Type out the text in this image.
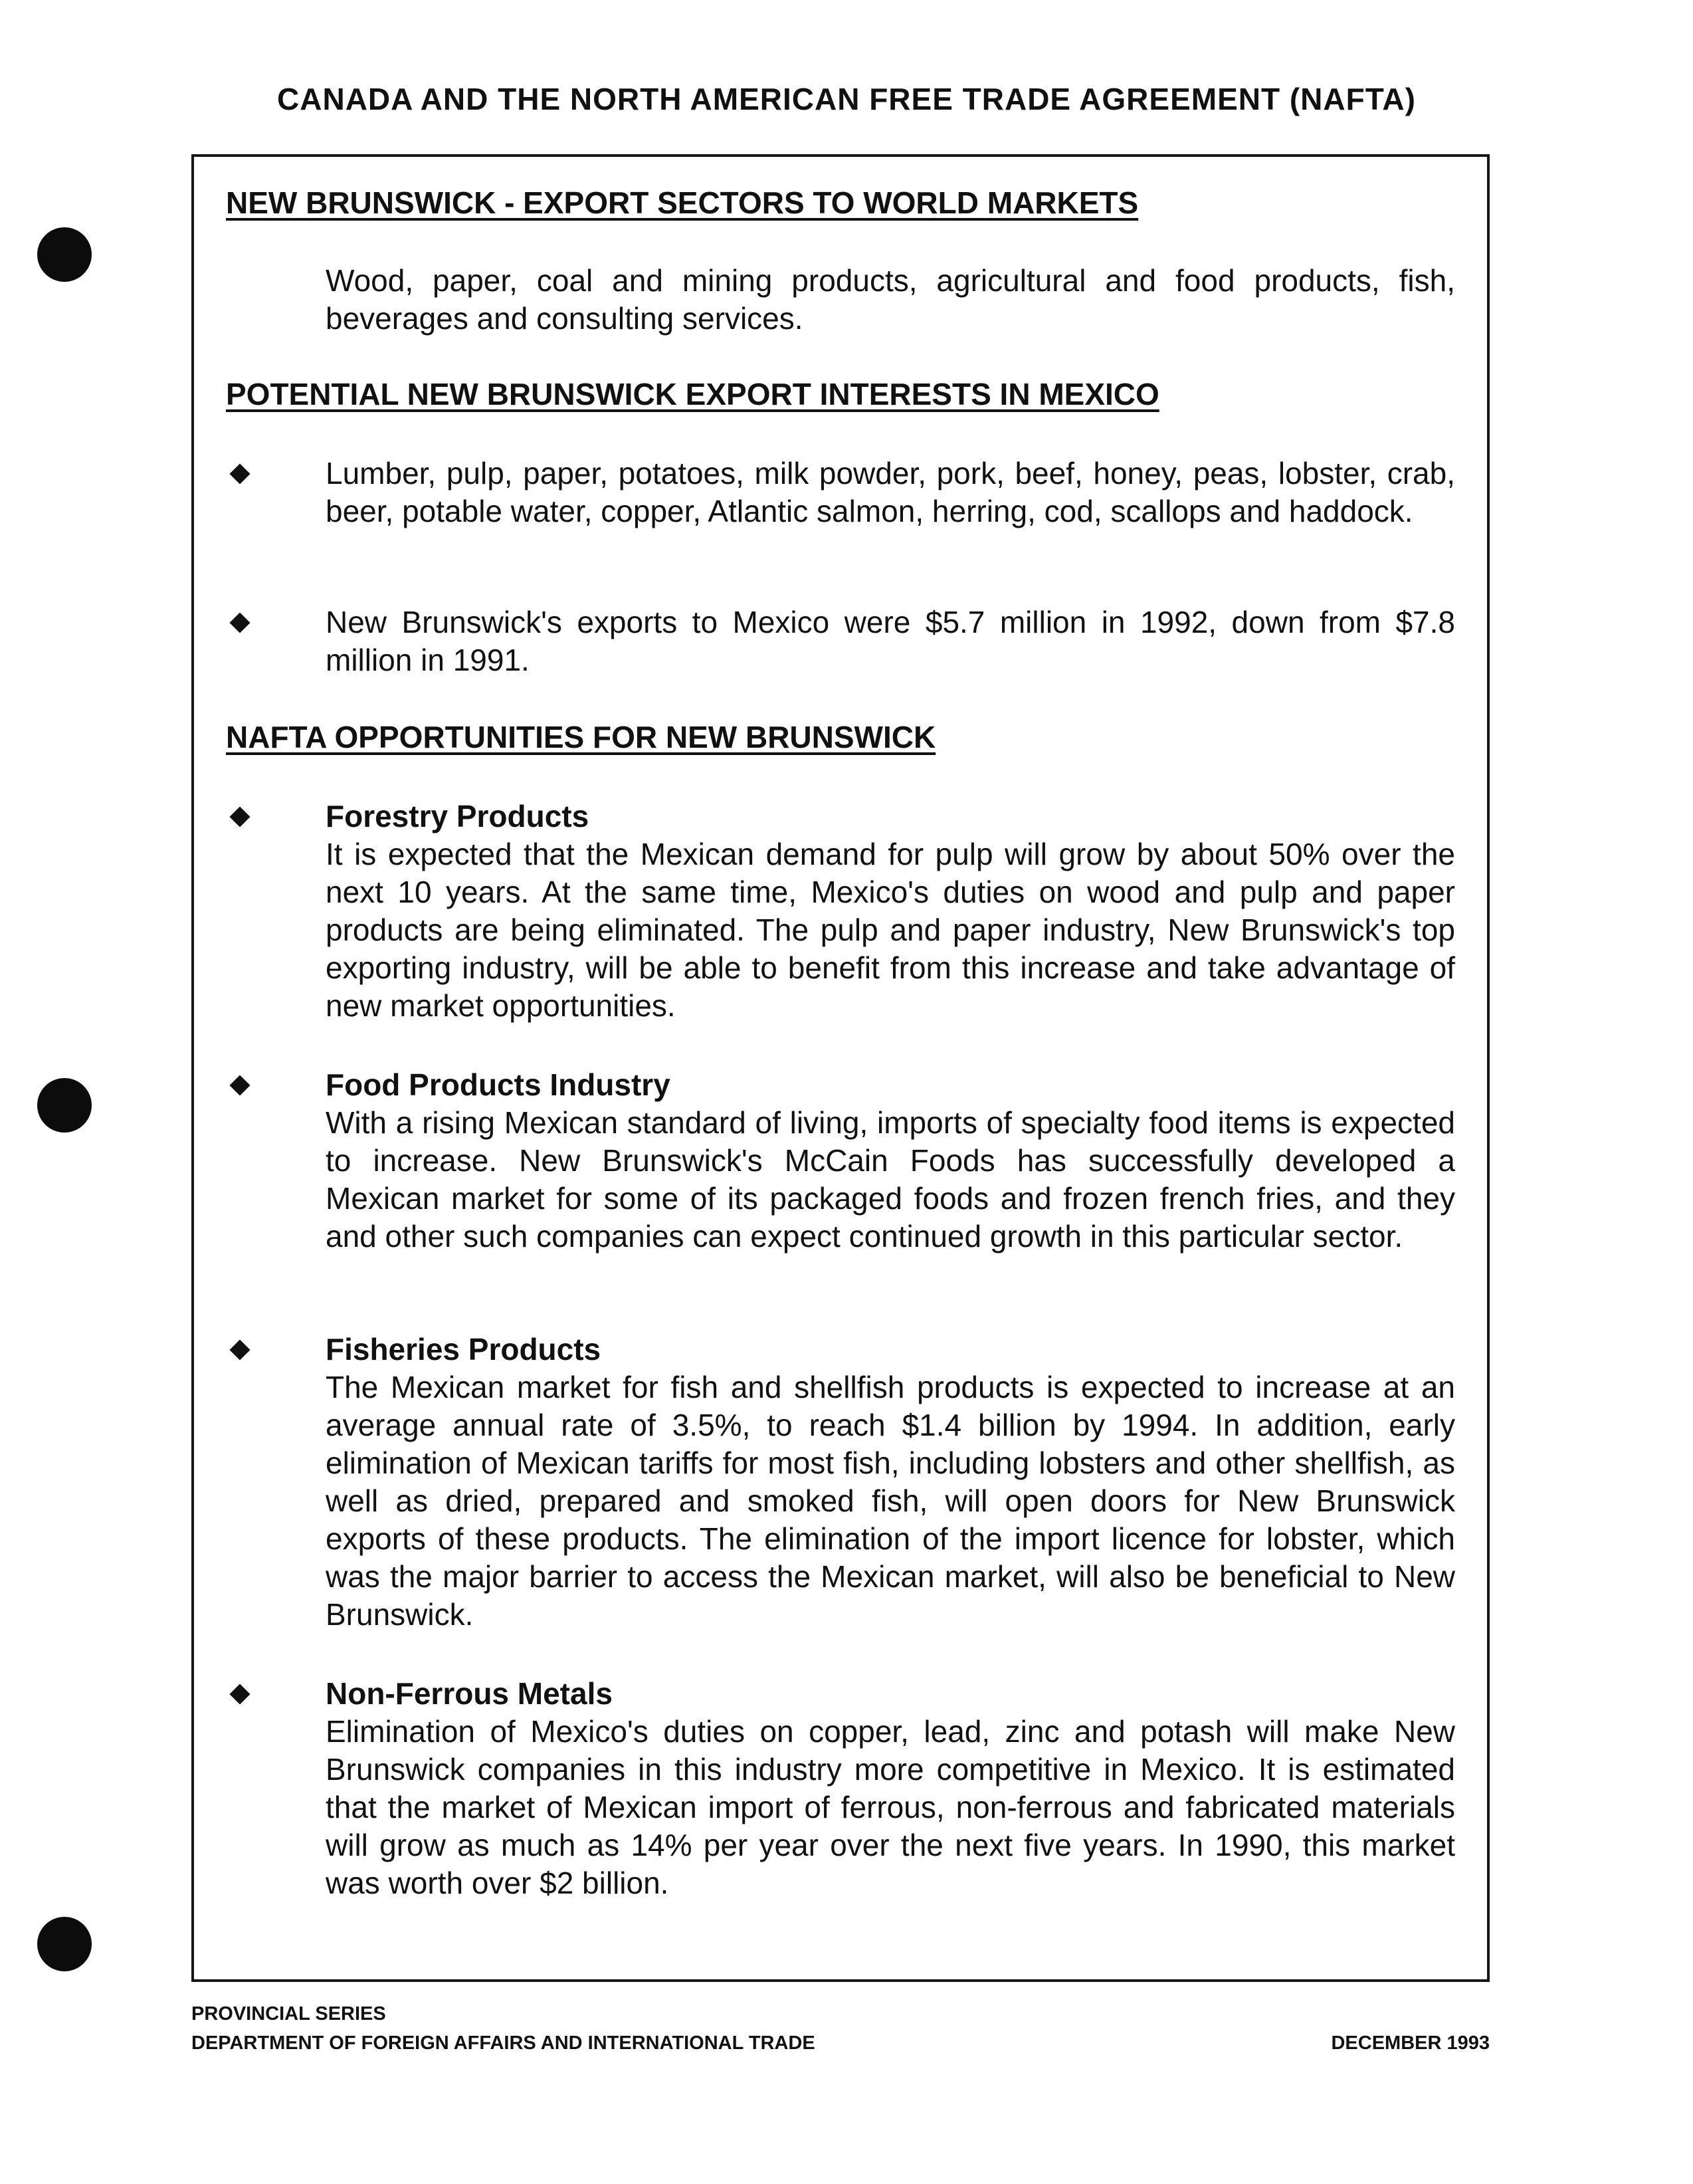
CANADA AND THE NORTH AMERICAN FREE TRADE AGREEMENT (NAFTA)
NEW BRUNSWICK - EXPORT SECTORS TO WORLD MARKETS

Wood, paper, coal and mining products, agricultural and food products, fish, beverages and consulting services.

POTENTIAL NEW BRUNSWICK EXPORT INTERESTS IN MEXICO
Lumber, pulp, paper, potatoes, milk powder, pork, beef, honey, peas, lobster, crab, beer, potable water, copper, Atlantic salmon, herring, cod, scallops and haddock.
New Brunswick's exports to Mexico were $5.7 million in 1992, down from $7.8 million in 1991.
NAFTA OPPORTUNITIES FOR NEW BRUNSWICK
Forestry Products
It is expected that the Mexican demand for pulp will grow by about 50% over the next 10 years. At the same time, Mexico's duties on wood and pulp and paper products are being eliminated. The pulp and paper industry, New Brunswick's top exporting industry, will be able to benefit from this increase and take advantage of new market opportunities.
Food Products Industry
With a rising Mexican standard of living, imports of specialty food items is expected to increase. New Brunswick's McCain Foods has successfully developed a Mexican market for some of its packaged foods and frozen french fries, and they and other such companies can expect continued growth in this particular sector.
Fisheries Products
The Mexican market for fish and shellfish products is expected to increase at an average annual rate of 3.5%, to reach $1.4 billion by 1994. In addition, early elimination of Mexican tariffs for most fish, including lobsters and other shellfish, as well as dried, prepared and smoked fish, will open doors for New Brunswick exports of these products. The elimination of the import licence for lobster, which was the major barrier to access the Mexican market, will also be beneficial to New Brunswick.
Non-Ferrous Metals
Elimination of Mexico's duties on copper, lead, zinc and potash will make New Brunswick companies in this industry more competitive in Mexico. It is estimated that the market of Mexican import of ferrous, non-ferrous and fabricated materials will grow as much as 14% per year over the next five years. In 1990, this market was worth over $2 billion.
PROVINCIAL SERIES
DEPARTMENT OF FOREIGN AFFAIRS AND INTERNATIONAL TRADE	DECEMBER 1993
